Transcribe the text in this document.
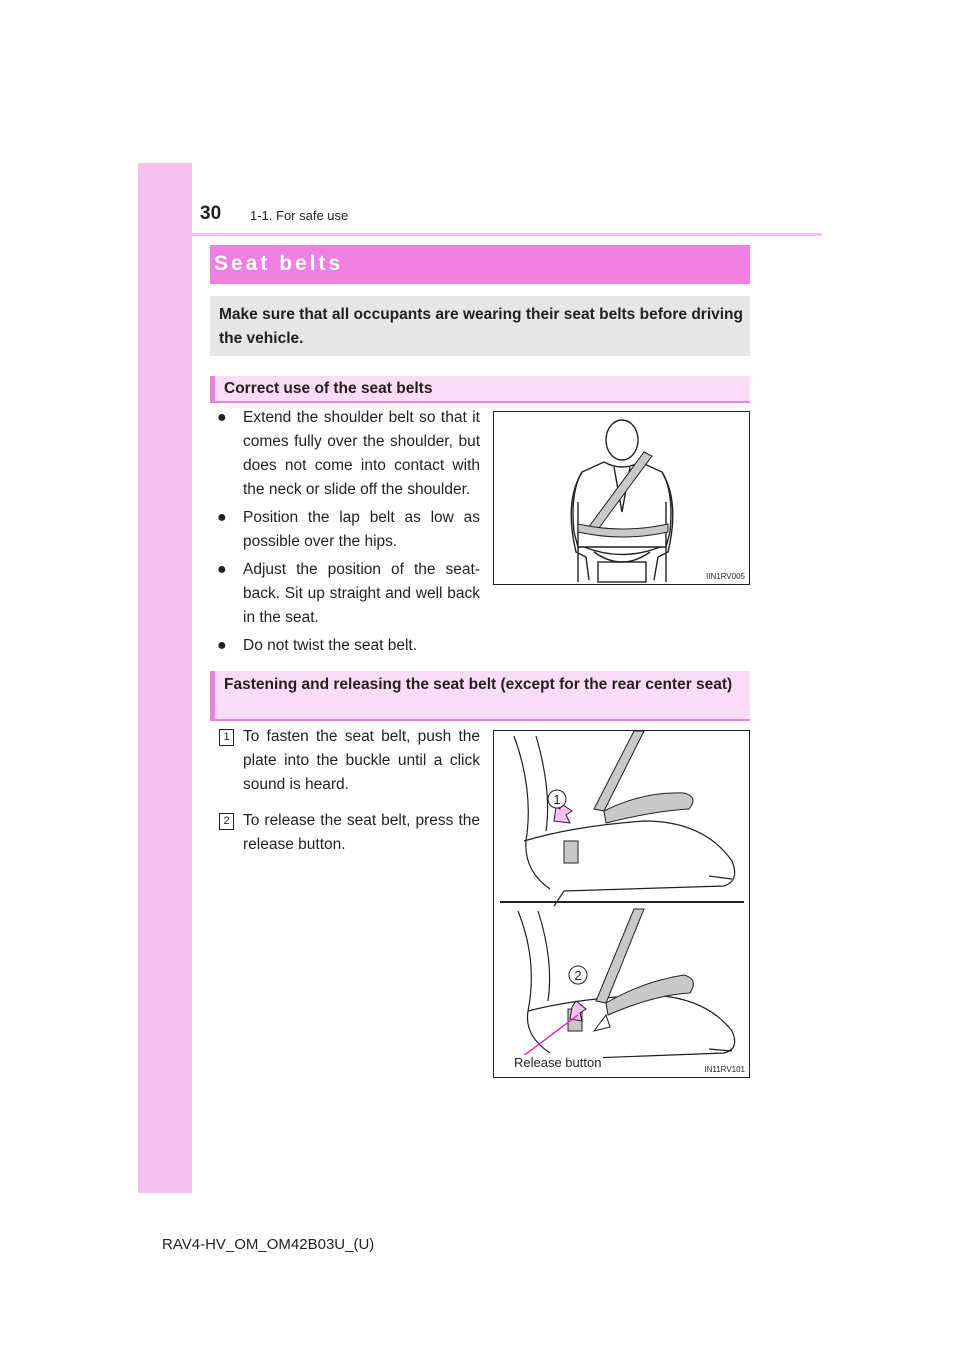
30 1-1. For safe use
Seat belts

Make sure that all occupants are wearing their seat belts before driving the vehicle.

Correct use of the seat belts
● Extend the shoulder belt so that it comes fully over the shoulder, but does not come into contact with the neck or slide off the shoulder.
● Position the lap belt as low as possible over the hips.
● Adjust the position of the seat-back. Sit up straight and well back in the seat.
● Do not twist the seat belt.
IIN1RV005
Fastening and releasing the seat belt (except for the rear center seat)
1 To fasten the seat belt, push the plate into the buckle until a click sound is heard.
2 To release the seat belt, press the release button.
1
2
Release button	IN11RV101
RAV4-HV_OM_OM42B03U_(U)
